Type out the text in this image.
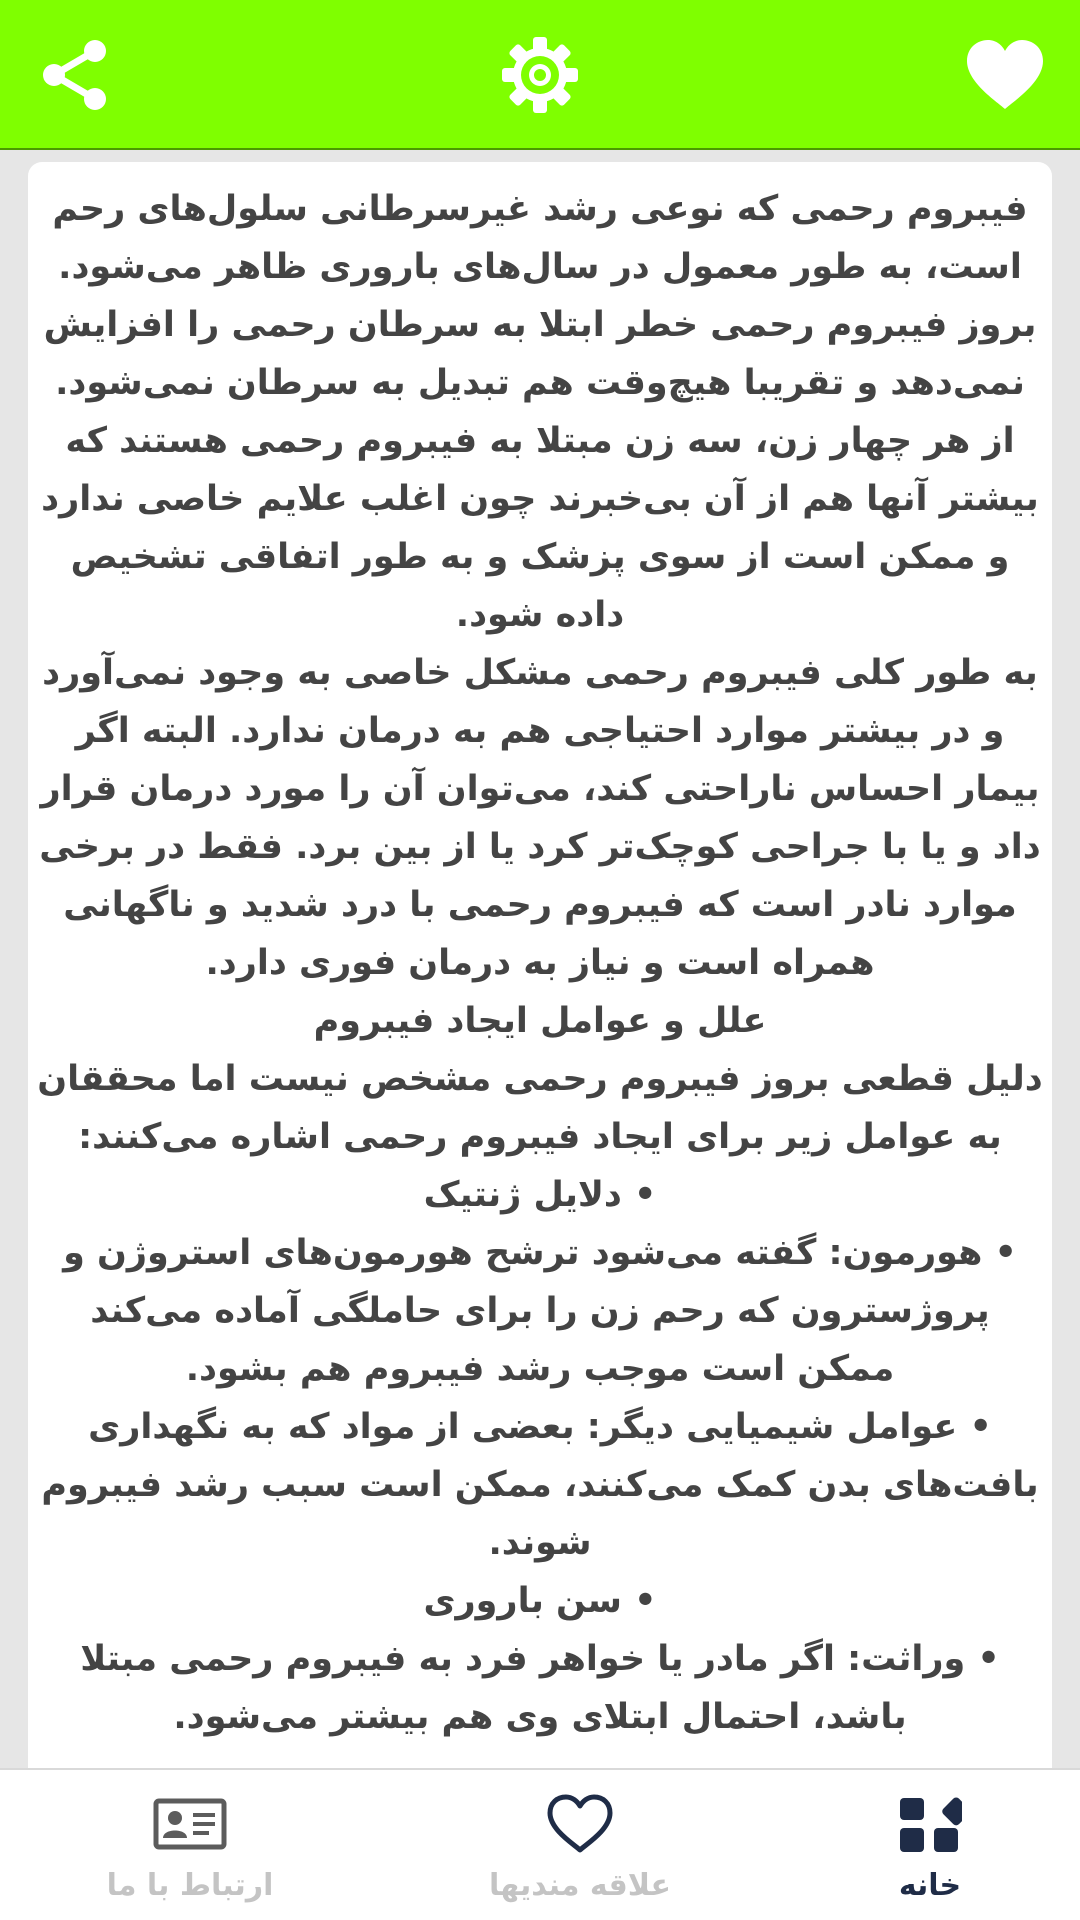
فیبروم رحمی که نوعی رشد غیرسرطانی سلول‌های رحم است، به طور معمول در سال‌های باروری ظاهر می‌شود. بروز فیبروم رحمی خطر ابتلا به سرطان رحمی را افزایش نمی‌دهد و تقریبا هیچ‌وقت هم تبدیل به سرطان نمی‌شود. از هر چهار زن، سه زن مبتلا به فیبروم رحمی هستند که بیشتر آنها هم از آن بی‌خبرند چون اغلب علایم خاصی ندارد و ممکن است از سوی پزشک و به طور اتفاقی تشخیص داده شود.

به طور کلی فیبروم رحمی مشکل خاصی به وجود نمی‌آورد و در بیشتر موارد احتیاجی هم به درمان ندارد. البته اگر بیمار احساس ناراحتی کند، می‌توان آن را مورد درمان قرار داد و یا با جراحی کوچک‌تر کرد یا از بین برد. فقط در برخی موارد نادر است که فیبروم رحمی با درد شدید و ناگهانی همراه است و نیاز به درمان فوری دارد.

علل و عوامل ایجاد فیبروم

دلیل قطعی بروز فیبروم رحمی مشخص نیست اما محققان به عوامل زیر برای ایجاد فیبروم رحمی اشاره می‌کنند:

• دلایل ژنتیک

• هورمون: گفته می‌شود ترشح هورمون‌های استروژن و پروژسترون که رحم زن را برای حاملگی آماده می‌کند ممکن است موجب رشد فیبروم هم بشود.

• عوامل شیمیایی دیگر: بعضی از مواد که به نگهداری بافت‌های بدن کمک می‌کنند، ممکن است سبب رشد فیبروم شوند.

• سن باروری

• وراثت: اگر مادر یا خواهر فرد به فیبروم رحمی مبتلا باشد، احتمال ابتلای وی هم بیشتر می‌شود.

ارتباط با ما	علاقه مندیها	خانه
